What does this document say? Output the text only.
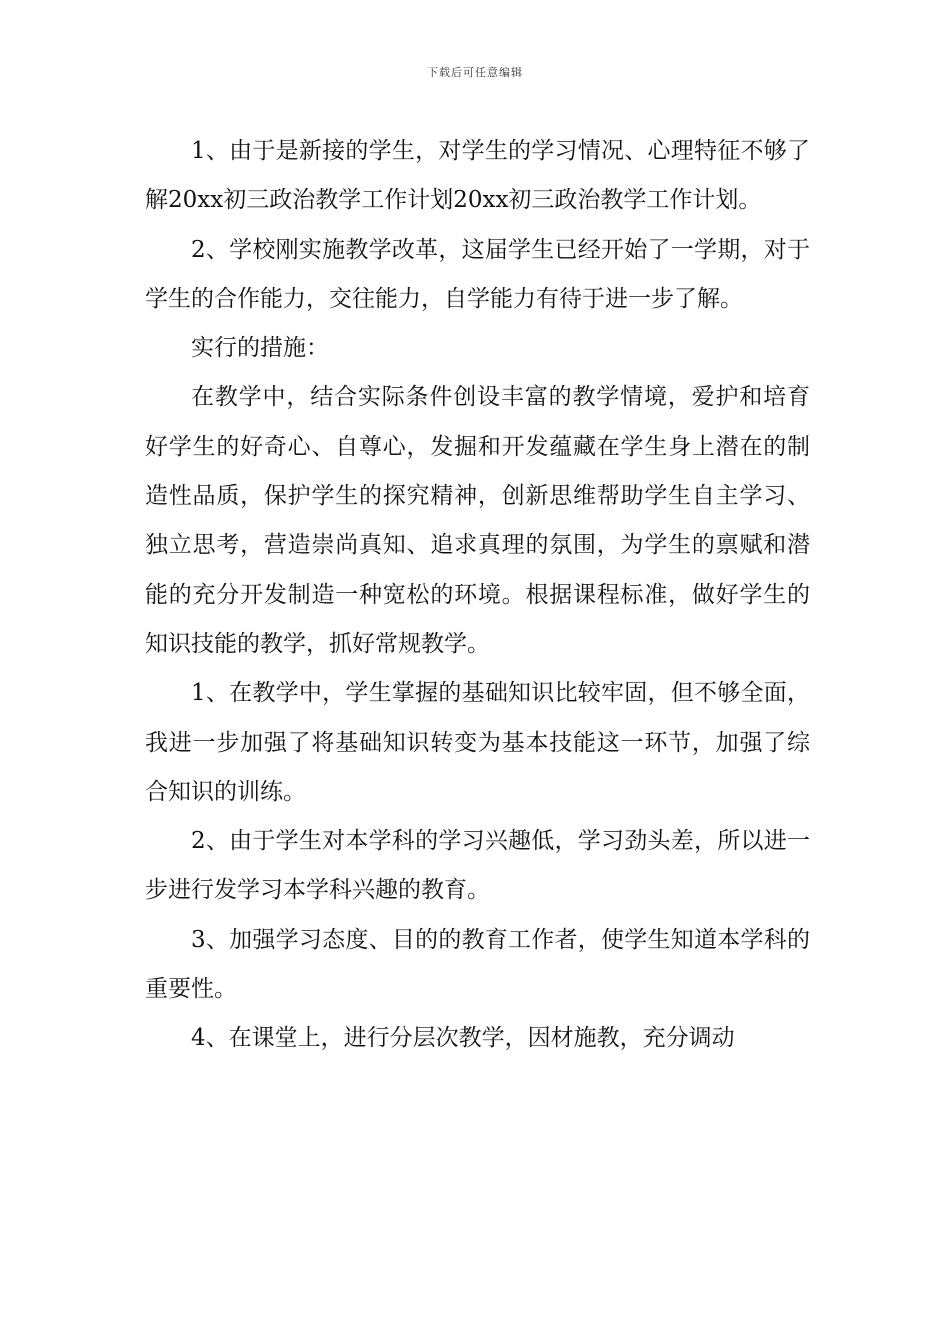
下载后可任意编辑

1、由于是新接的学生，对学生的学习情况、心理特征不够了解20xx初三政治教学工作计划20xx初三政治教学工作计划。

2、学校刚实施教学改革，这届学生已经开始了一学期，对于学生的合作能力，交往能力，自学能力有待于进一步了解。

实行的措施：

在教学中，结合实际条件创设丰富的教学情境，爱护和培育好学生的好奇心、自尊心，发掘和开发蕴藏在学生身上潜在的制造性品质，保护学生的探究精神，创新思维帮助学生自主学习、独立思考，营造崇尚真知、追求真理的氛围，为学生的禀赋和潜能的充分开发制造一种宽松的环境。根据课程标准，做好学生的知识技能的教学，抓好常规教学。

1、在教学中，学生掌握的基础知识比较牢固，但不够全面，我进一步加强了将基础知识转变为基本技能这一环节，加强了综合知识的训练。

2、由于学生对本学科的学习兴趣低，学习劲头差，所以进一步进行发学习本学科兴趣的教育。

3、加强学习态度、目的的教育工作者，使学生知道本学科的重要性。

4、在课堂上，进行分层次教学，因材施教，充分调动
